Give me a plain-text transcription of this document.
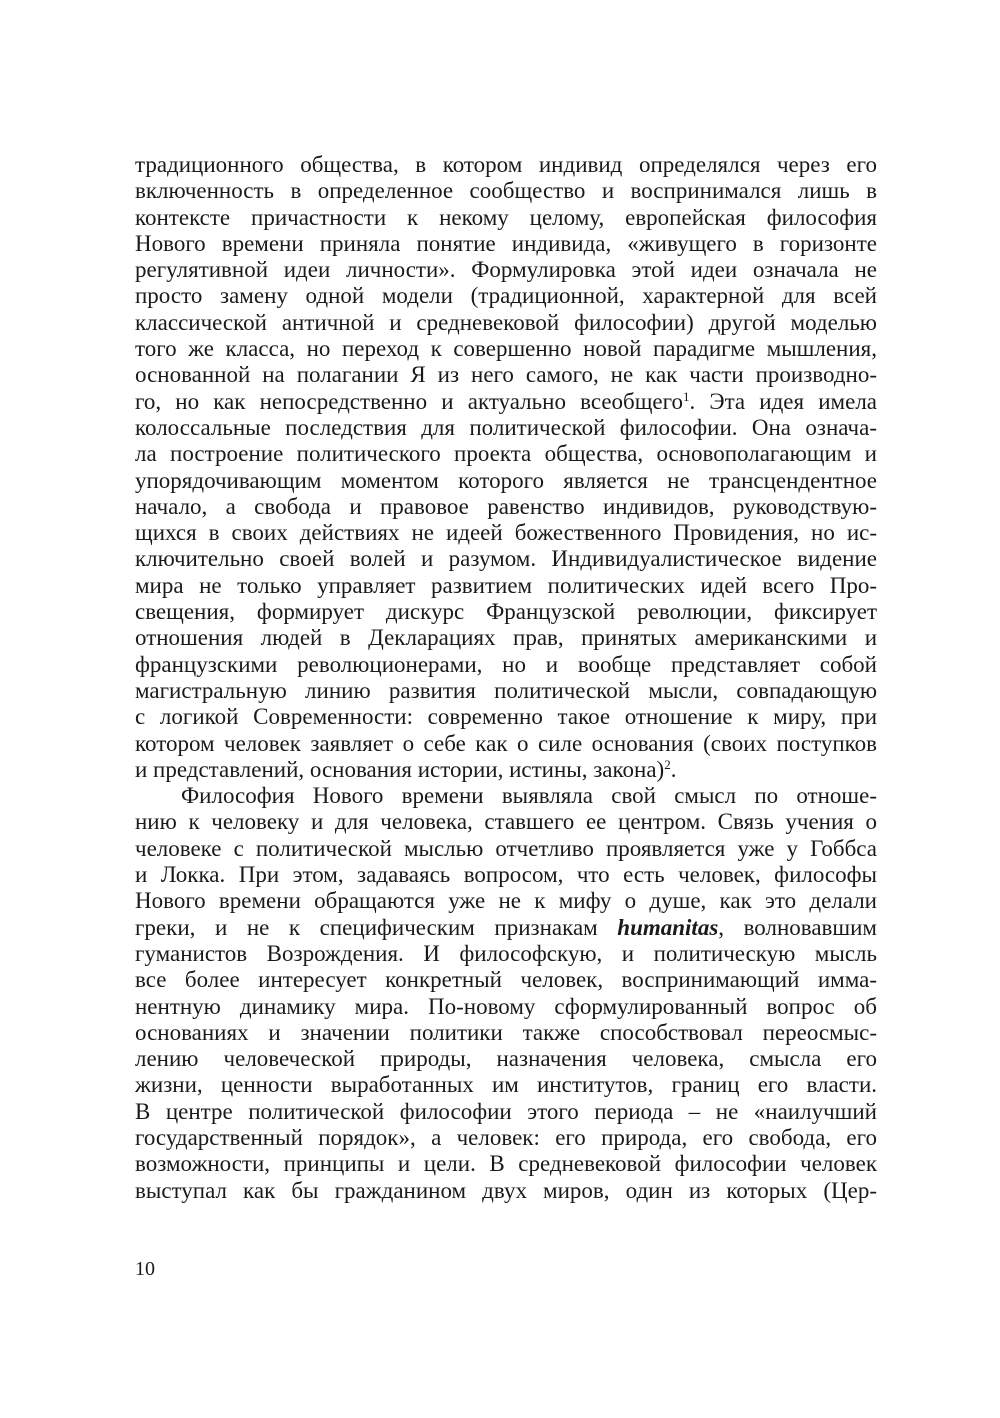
традиционного общества, в котором индивид определялся через его
включенность в определенное сообщество и воспринимался лишь в
контексте причастности к некому целому, европейская философия
Нового времени приняла понятие индивида, «живущего в горизонте
регулятивной идеи личности». Формулировка этой идеи означала не
просто замену одной модели (традиционной, характерной для всей
классической античной и средневековой философии) другой моделью
того же класса, но переход к совершенно новой парадигме мышления,
основанной на полагании Я из него самого, не как части производно-
го, но как непосредственно и актуально всеобщего$^1$. Эта идея имела
колоссальные последствия для политической философии. Она означа-
ла построение политического проекта общества, основополагающим и
упорядочивающим моментом которого является не трансцендентное
начало, а свобода и правовое равенство индивидов, руководствую-
щихся в своих действиях не идеей божественного Провидения, но ис-
ключительно своей волей и разумом. Индивидуалистическое видение
мира не только управляет развитием политических идей всего Про-
свещения, формирует дискурс Французской революции, фиксирует
отношения людей в Декларациях прав, принятых американскими и
французскими революционерами, но и вообще представляет собой
магистральную линию развития политической мысли, совпадающую
с логикой Современности: современно такое отношение к миру, при
котором человек заявляет о себе как о силе основания (своих поступков
и представлений, основания истории, истины, закона)$^2$.
Философия Нового времени выявляла свой смысл по отноше-
нию к человеку и для человека, ставшего ее центром. Связь учения о
человеке с политической мыслью отчетливо проявляется уже у Гоббса
и Локка. При этом, задаваясь вопросом, что есть человек, философы
Нового времени обращаются уже не к мифу о душе, как это делали
греки, и не к специфическим признакам humanitas, волновавшим
гуманистов Возрождения. И философскую, и политическую мысль
все более интересует конкретный человек, воспринимающий имма-
нентную динамику мира. По-новому сформулированный вопрос об
основаниях и значении политики также способствовал переосмыс-
лению человеческой природы, назначения человека, смысла его
жизни, ценности выработанных им институтов, границ его власти.
В центре политической философии этого периода – не «наилучший
государственный порядок», а человек: его природа, его свобода, его
возможности, принципы и цели. В средневековой философии человек
выступал как бы гражданином двух миров, один из которых (Цер-
10
